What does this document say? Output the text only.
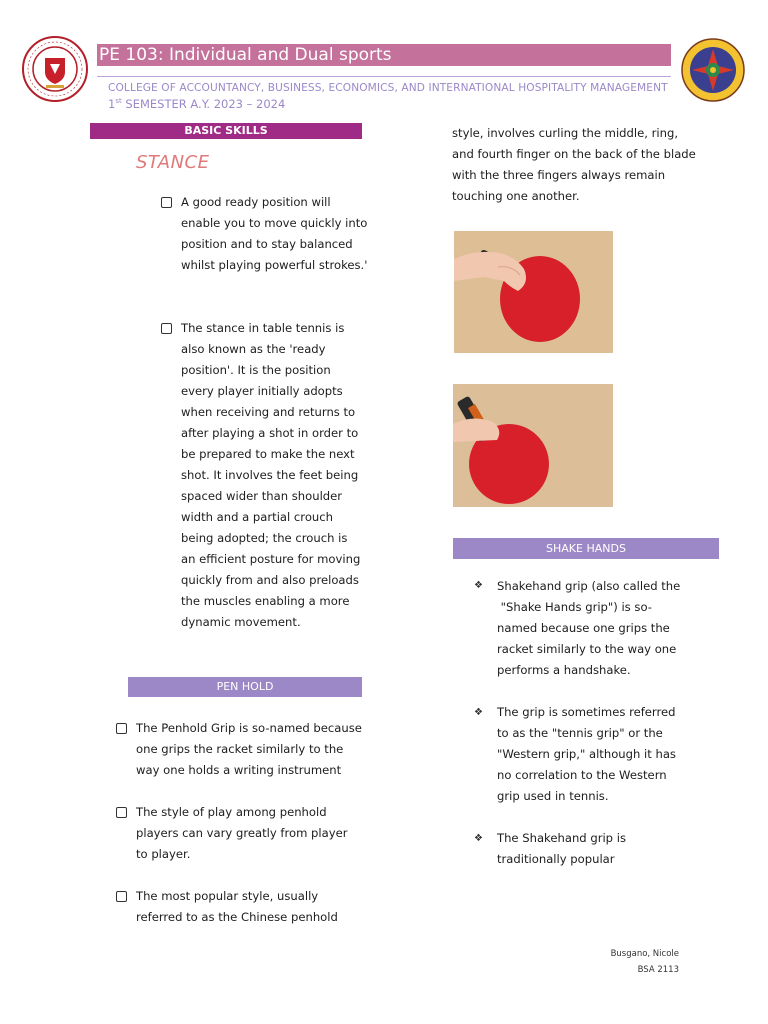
PE 103: Individual and Dual sports
COLLEGE OF ACCOUNTANCY, BUSINESS, ECONOMICS, AND INTERNATIONAL HOSPITALITY MANAGEMENT
1st SEMESTER A.Y. 2023 – 2024
BASIC SKILLS
STANCE
A good ready position will enable you to move quickly into position and to stay balanced whilst playing powerful strokes.'
The stance in table tennis is also known as the 'ready position'. It is the position every player initially adopts when receiving and returns to after playing a shot in order to be prepared to make the next shot. It involves the feet being spaced wider than shoulder width and a partial crouch being adopted; the crouch is an efficient posture for moving quickly from and also preloads the muscles enabling a more dynamic movement.
PEN HOLD
The Penhold Grip is so-named because one grips the racket similarly to the way one holds a writing instrument
The style of play among penhold players can vary greatly from player to player.
The most popular style, usually referred to as the Chinese penhold
style, involves curling the middle, ring, and fourth finger on the back of the blade with the three fingers always remain touching one another.
SHAKE HANDS
❖ Shakehand grip (also called the  "Shake Hands grip") is so-named because one grips the racket similarly to the way one performs a handshake.
❖ The grip is sometimes referred to as the "tennis grip" or the "Western grip," although it has no correlation to the Western grip used in tennis.
❖ The Shakehand grip is traditionally popular
Busgano, Nicole
BSA 2113
